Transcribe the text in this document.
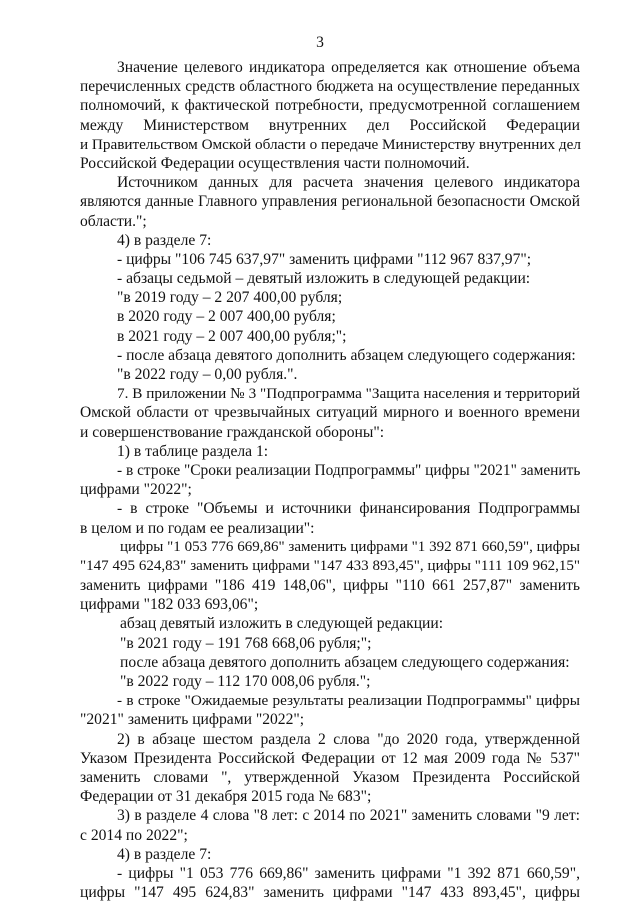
3
Значение целевого индикатора определяется как отношение объема
перечисленных средств областного бюджета на осуществление переданных
полномочий, к фактической потребности, предусмотренной соглашением
между Министерством внутренних дел Российской Федерации
и Правительством Омской области о передаче Министерству внутренних дел
Российской Федерации осуществления части полномочий.
Источником данных для расчета значения целевого индикатора
являются данные Главного управления региональной безопасности Омской
области.";
4) в разделе 7:
- цифры "106 745 637,97" заменить цифрами "112 967 837,97";
- абзацы седьмой – девятый изложить в следующей редакции:
"в 2019 году – 2 207 400,00 рубля;
в 2020 году – 2 007 400,00 рубля;
в 2021 году – 2 007 400,00 рубля;";
- после абзаца девятого дополнить абзацем следующего содержания:
"в 2022 году – 0,00 рубля.".
7. В приложении № 3 "Подпрограмма "Защита населения и территорий
Омской области от чрезвычайных ситуаций мирного и военного времени
и совершенствование гражданской обороны":
1) в таблице раздела 1:
- в строке "Сроки реализации Подпрограммы" цифры "2021" заменить
цифрами "2022";
- в строке "Объемы и источники финансирования Подпрограммы
в целом и по годам ее реализации":
цифры "1 053 776 669,86" заменить цифрами "1 392 871 660,59", цифры
"147 495 624,83" заменить цифрами "147 433 893,45", цифры "111 109 962,15"
заменить цифрами "186 419 148,06", цифры "110 661 257,87" заменить
цифрами "182 033 693,06";
абзац девятый изложить в следующей редакции:
"в 2021 году – 191 768 668,06 рубля;";
после абзаца девятого дополнить абзацем следующего содержания:
"в 2022 году – 112 170 008,06 рубля.";
- в строке "Ожидаемые результаты реализации Подпрограммы" цифры
"2021" заменить цифрами "2022";
2) в абзаце шестом раздела 2 слова "до 2020 года, утвержденной
Указом Президента Российской Федерации от 12 мая 2009 года № 537"
заменить словами ", утвержденной Указом Президента Российской
Федерации от 31 декабря 2015 года № 683";
3) в разделе 4 слова "8 лет: с 2014 по 2021" заменить словами "9 лет:
с 2014 по 2022";
4) в разделе 7:
- цифры "1 053 776 669,86" заменить цифрами "1 392 871 660,59",
цифры "147 495 624,83" заменить цифрами "147 433 893,45", цифры
